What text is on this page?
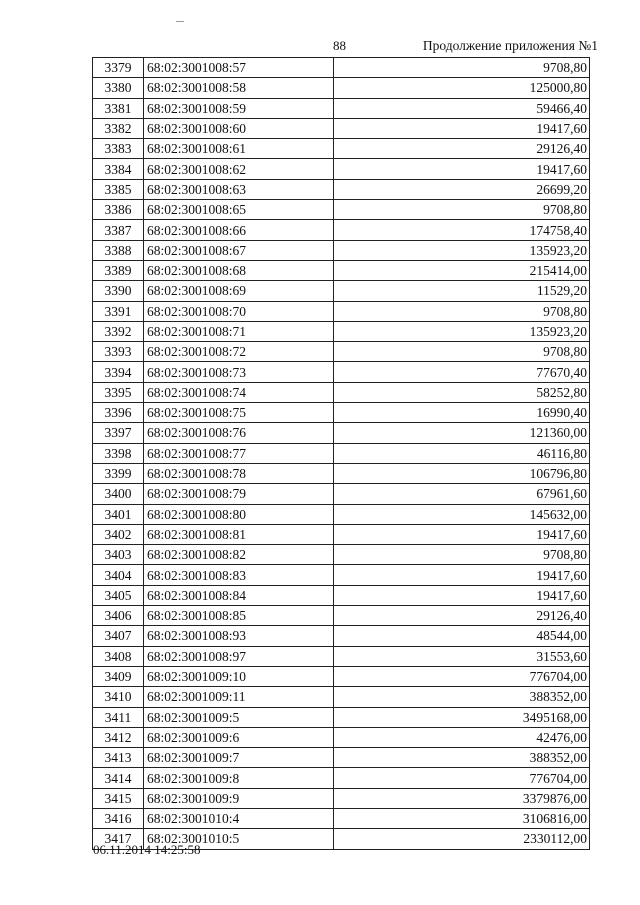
88	Продолжение приложения №1
3379	68:02:3001008:57	9708,80
3380	68:02:3001008:58	125000,80
3381	68:02:3001008:59	59466,40
3382	68:02:3001008:60	19417,60
3383	68:02:3001008:61	29126,40
3384	68:02:3001008:62	19417,60
3385	68:02:3001008:63	26699,20
3386	68:02:3001008:65	9708,80
3387	68:02:3001008:66	174758,40
3388	68:02:3001008:67	135923,20
3389	68:02:3001008:68	215414,00
3390	68:02:3001008:69	11529,20
3391	68:02:3001008:70	9708,80
3392	68:02:3001008:71	135923,20
3393	68:02:3001008:72	9708,80
3394	68:02:3001008:73	77670,40
3395	68:02:3001008:74	58252,80
3396	68:02:3001008:75	16990,40
3397	68:02:3001008:76	121360,00
3398	68:02:3001008:77	46116,80
3399	68:02:3001008:78	106796,80
3400	68:02:3001008:79	67961,60
3401	68:02:3001008:80	145632,00
3402	68:02:3001008:81	19417,60
3403	68:02:3001008:82	9708,80
3404	68:02:3001008:83	19417,60
3405	68:02:3001008:84	19417,60
3406	68:02:3001008:85	29126,40
3407	68:02:3001008:93	48544,00
3408	68:02:3001008:97	31553,60
3409	68:02:3001009:10	776704,00
3410	68:02:3001009:11	388352,00
3411	68:02:3001009:5	3495168,00
3412	68:02:3001009:6	42476,00
3413	68:02:3001009:7	388352,00
3414	68:02:3001009:8	776704,00
3415	68:02:3001009:9	3379876,00
3416	68:02:3001010:4	3106816,00
3417	68:02:3001010:5	2330112,00
06.11.2014 14:25:58
